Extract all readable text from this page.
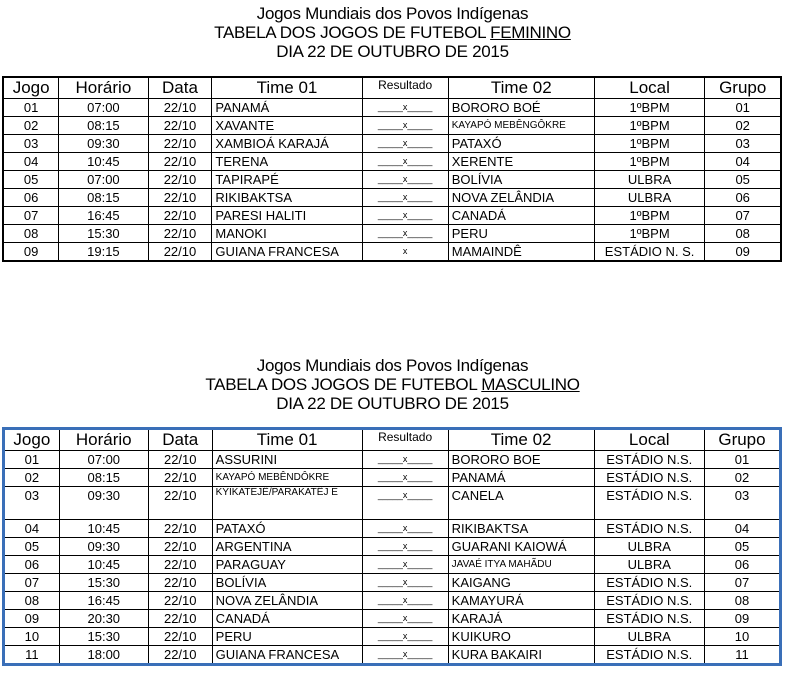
Jogos Mundiais dos Povos Indígenas
TABELA DOS JOGOS DE FUTEBOL FEMININO
DIA 22 DE OUTUBRO DE 2015
Jogo	Horário	Data	Time 01	Resultado	Time 02	Local	Grupo
01	07:00	22/10	PANAMÁ	_____x_____	BORORO BOÉ	1ºBPM	01
02	08:15	22/10	XAVANTE	_____x_____	KAYAPÓ MEBÊNGÔKRE	1ºBPM	02
03	09:30	22/10	XAMBIOÁ KARAJÁ	_____x_____	PATAXÓ	1ºBPM	03
04	10:45	22/10	TERENA	_____x_____	XERENTE	1ºBPM	04
05	07:00	22/10	TAPIRAPÉ	_____x_____	BOLÍVIA	ULBRA	05
06	08:15	22/10	RIKIBAKTSA	_____x_____	NOVA ZELÂNDIA	ULBRA	06
07	16:45	22/10	PARESI HALITI	_____x_____	CANADÁ	1ºBPM	07
08	15:30	22/10	MANOKI	_____x_____	PERU	1ºBPM	08
09	19:15	22/10	GUIANA FRANCESA	x	MAMAINDÊ	ESTÁDIO N. S.	09
Jogos Mundiais dos Povos Indígenas
TABELA DOS JOGOS DE FUTEBOL MASCULINO
DIA 22 DE OUTUBRO DE 2015
Jogo	Horário	Data	Time 01	Resultado	Time 02	Local	Grupo
01	07:00	22/10	ASSURINI	_____x_____	BORORO BOE	ESTÁDIO N.S.	01
02	08:15	22/10	KAYAPÓ MEBÊNDÔKRE	_____x_____	PANAMÁ	ESTÁDIO N.S.	02
03	09:30	22/10	KYIKATEJÊ/PARAKATÊJ E	_____x_____	CANELA	ESTÁDIO N.S.	03
04	10:45	22/10	PATAXÓ	_____x_____	RIKIBAKTSA	ESTÁDIO N.S.	04
05	09:30	22/10	ARGENTINA	_____x_____	GUARANI KAIOWÁ	ULBRA	05
06	10:45	22/10	PARAGUAY	_____x_____	JAVAÉ ITYA MAHÃDU	ULBRA	06
07	15:30	22/10	BOLÍVIA	_____x_____	KAIGANG	ESTÁDIO N.S.	07
08	16:45	22/10	NOVA ZELÂNDIA	_____x_____	KAMAYURÁ	ESTÁDIO N.S.	08
09	20:30	22/10	CANADÁ	_____x_____	KARAJÁ	ESTÁDIO N.S.	09
10	15:30	22/10	PERU	_____x_____	KUIKURO	ULBRA	10
11	18:00	22/10	GUIANA FRANCESA	_____x_____	KURA BAKAIRI	ESTÁDIO N.S.	11
